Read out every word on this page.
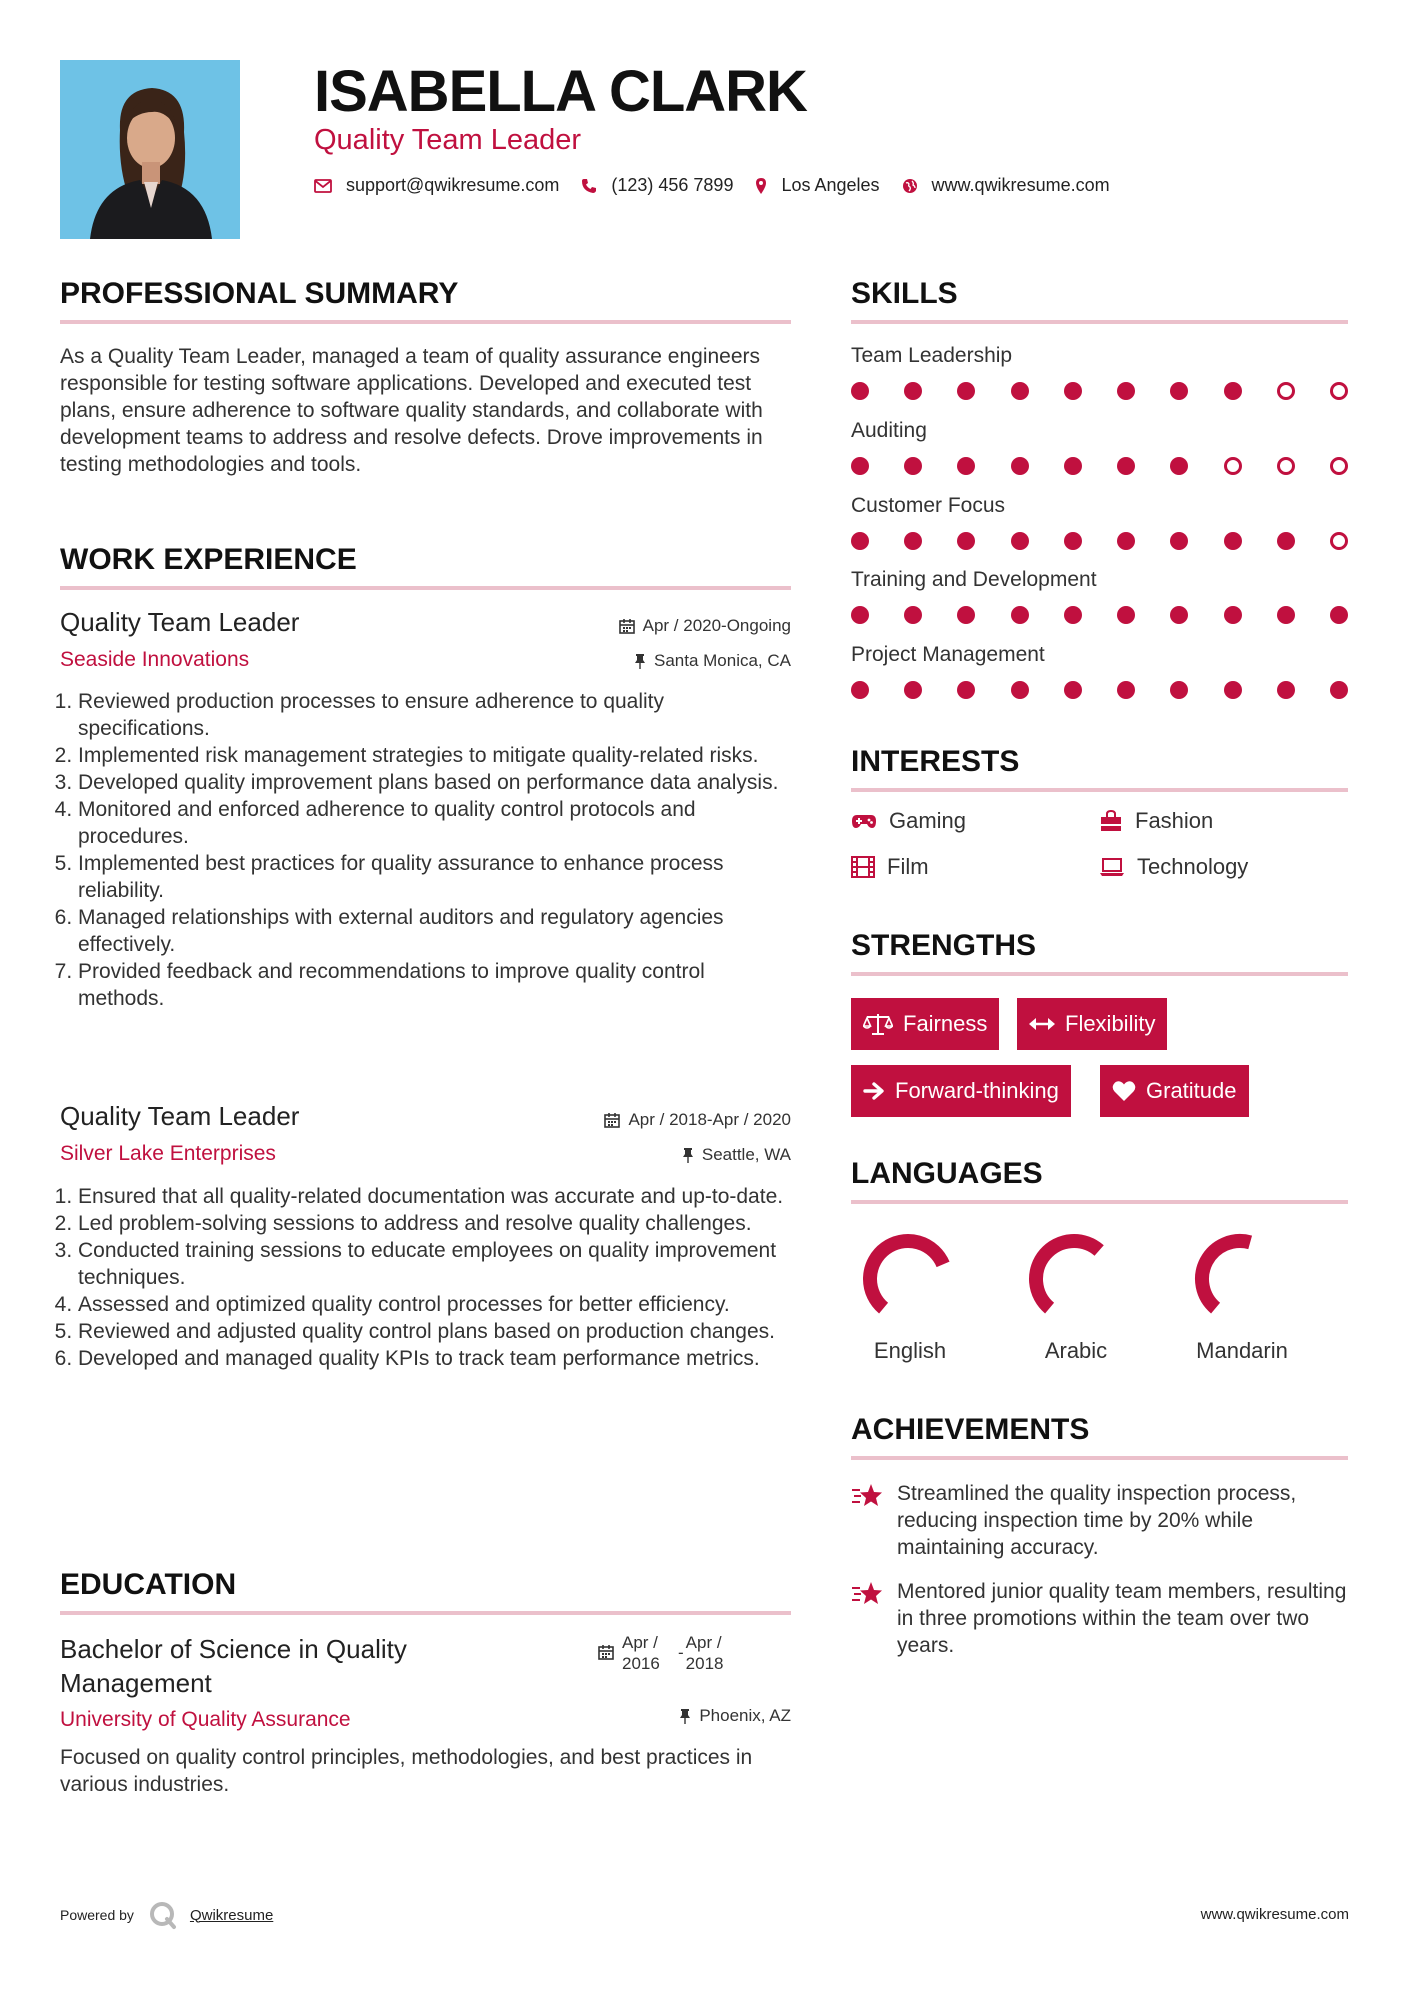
ISABELLA CLARK
Quality Team Leader
support@qwikresume.com	(123) 456 7899	Los Angeles	www.qwikresume.com
PROFESSIONAL SUMMARY
As a Quality Team Leader, managed a team of quality assurance engineers responsible for testing software applications. Developed and executed test plans, ensure adherence to software quality standards, and collaborate with development teams to address and resolve defects. Drove improvements in testing methodologies and tools.
WORK EXPERIENCE
Quality Team Leader
Seaside Innovations
Apr / 2020-Ongoing
Santa Monica, CA
1. Reviewed production processes to ensure adherence to quality specifications.
2. Implemented risk management strategies to mitigate quality-related risks.
3. Developed quality improvement plans based on performance data analysis.
4. Monitored and enforced adherence to quality control protocols and procedures.
5. Implemented best practices for quality assurance to enhance process reliability.
6. Managed relationships with external auditors and regulatory agencies effectively.
7. Provided feedback and recommendations to improve quality control methods.
Quality Team Leader
Silver Lake Enterprises
Apr / 2018-Apr / 2020
Seattle, WA
1. Ensured that all quality-related documentation was accurate and up-to-date.
2. Led problem-solving sessions to address and resolve quality challenges.
3. Conducted training sessions to educate employees on quality improvement techniques.
4. Assessed and optimized quality control processes for better efficiency.
5. Reviewed and adjusted quality control plans based on production changes.
6. Developed and managed quality KPIs to track team performance metrics.
EDUCATION
Bachelor of Science in Quality Management
Apr /
2016
-
Apr /
2018
University of Quality Assurance	Phoenix, AZ
Focused on quality control principles, methodologies, and best practices in various industries.
SKILLS
Team Leadership
Auditing
Customer Focus
Training and Development
Project Management
INTERESTS
Gaming	Fashion
Film	Technology
STRENGTHS
Fairness	Flexibility
Forward-thinking	Gratitude
LANGUAGES
English	Arabic	Mandarin
ACHIEVEMENTS
Streamlined the quality inspection process, reducing inspection time by 20% while maintaining accuracy.
Mentored junior quality team members, resulting in three promotions within the team over two years.
Powered by	Qwikresume	www.qwikresume.com
